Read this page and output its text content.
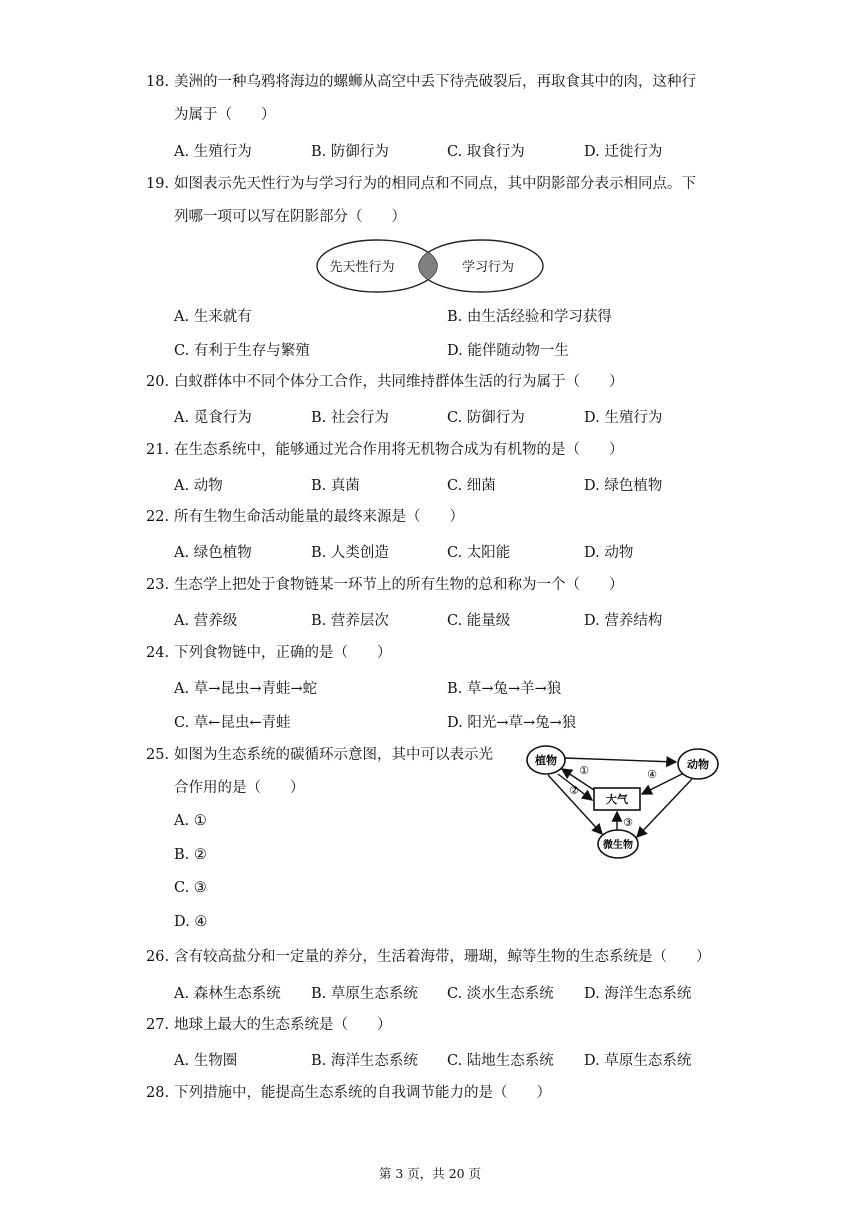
18. 美洲的一种乌鸦将海边的螺蛳从高空中丢下待壳破裂后，再取食其中的肉，这种行
为属于（　　）
A. 生殖行为	B. 防御行为	C. 取食行为	D. 迁徙行为
19. 如图表示先天性行为与学习行为的相同点和不同点，其中阴影部分表示相同点。下
列哪一项可以写在阴影部分（　　）
先天性行为	学习行为
A. 生来就有	B. 由生活经验和学习获得
C. 有利于生存与繁殖	D. 能伴随动物一生
20. 白蚁群体中不同个体分工合作，共同维持群体生活的行为属于（　　）
A. 觅食行为	B. 社会行为	C. 防御行为	D. 生殖行为
21. 在生态系统中，能够通过光合作用将无机物合成为有机物的是（　　）
A. 动物	B. 真菌	C. 细菌	D. 绿色植物
22. 所有生物生命活动能量的最终来源是（　　）
A. 绿色植物	B. 人类创造	C. 太阳能	D. 动物
23. 生态学上把处于食物链某一环节上的所有生物的总和称为一个（　　）
A. 营养级	B. 营养层次	C. 能量级	D. 营养结构
24. 下列食物链中，正确的是（　　）
A. 草→昆虫→青蛙→蛇	B. 草→兔→羊→狼
C. 草←昆虫←青蛙	D. 阳光→草→兔→狼
25. 如图为生态系统的碳循环示意图，其中可以表示光
合作用的是（　　）
A. ①
B. ②
C. ③
D. ④
植物	动物
大气
微生物
①
②
③
④
26. 含有较高盐分和一定量的养分，生活着海带，珊瑚，鲸等生物的生态系统是（　　）
A. 森林生态系统 B. 草原生态系统 C. 淡水生态系统 D. 海洋生态系统
27. 地球上最大的生态系统是（　　）
A. 生物圈	B. 海洋生态系统 C. 陆地生态系统 D. 草原生态系统
28. 下列措施中，能提高生态系统的自我调节能力的是（　　）
第 3 页，共 20 页
